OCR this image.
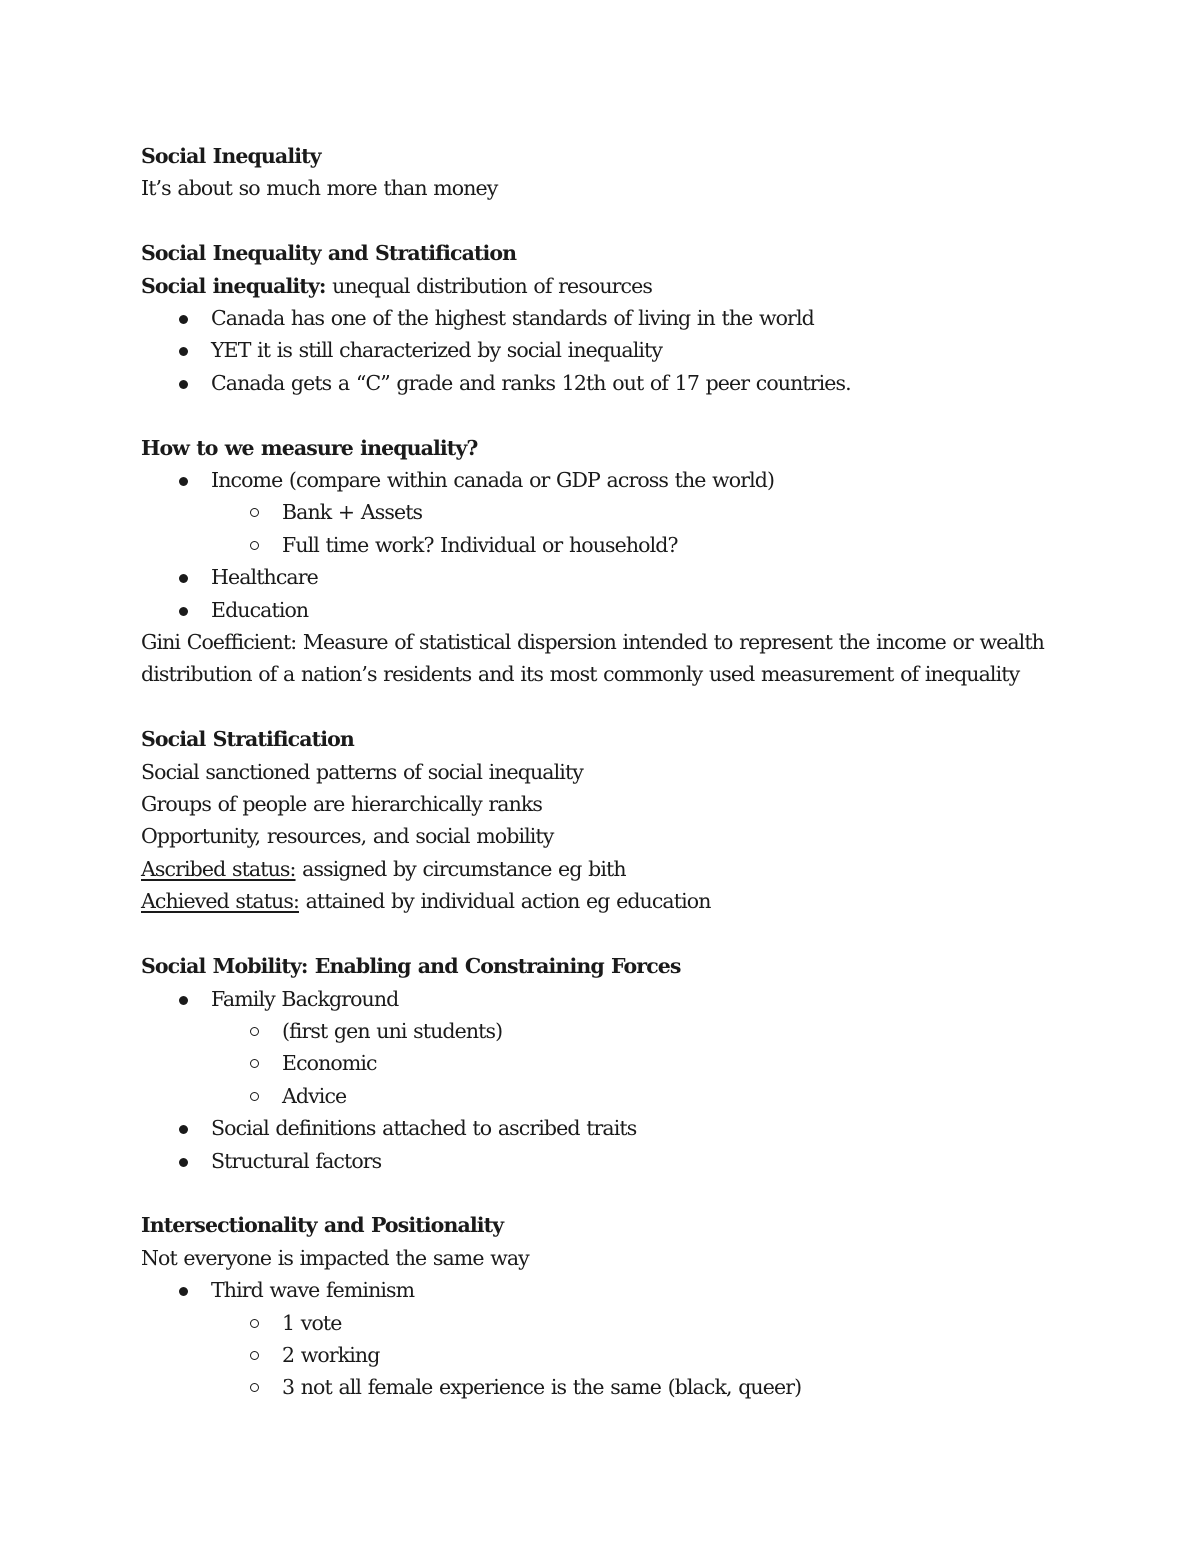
Social Inequality
It’s about so much more than money
Social Inequality and Stratification
Social inequality: unequal distribution of resources
Canada has one of the highest standards of living in the world
YET it is still characterized by social inequality
Canada gets a “C” grade and ranks 12th out of 17 peer countries.
How to we measure inequality?
Income (compare within canada or GDP across the world)
Bank + Assets
Full time work? Individual or household?
Healthcare
Education
Gini Coefficient: Measure of statistical dispersion intended to represent the income or wealth
distribution of a nation’s residents and its most commonly used measurement of inequality
Social Stratification
Social sanctioned patterns of social inequality
Groups of people are hierarchically ranks
Opportunity, resources, and social mobility
Ascribed status: assigned by circumstance eg bith
Achieved status: attained by individual action eg education
Social Mobility: Enabling and Constraining Forces
Family Background
(first gen uni students)
Economic
Advice
Social definitions attached to ascribed traits
Structural factors
Intersectionality and Positionality
Not everyone is impacted the same way
Third wave feminism
1 vote
2 working
3 not all female experience is the same (black, queer)
